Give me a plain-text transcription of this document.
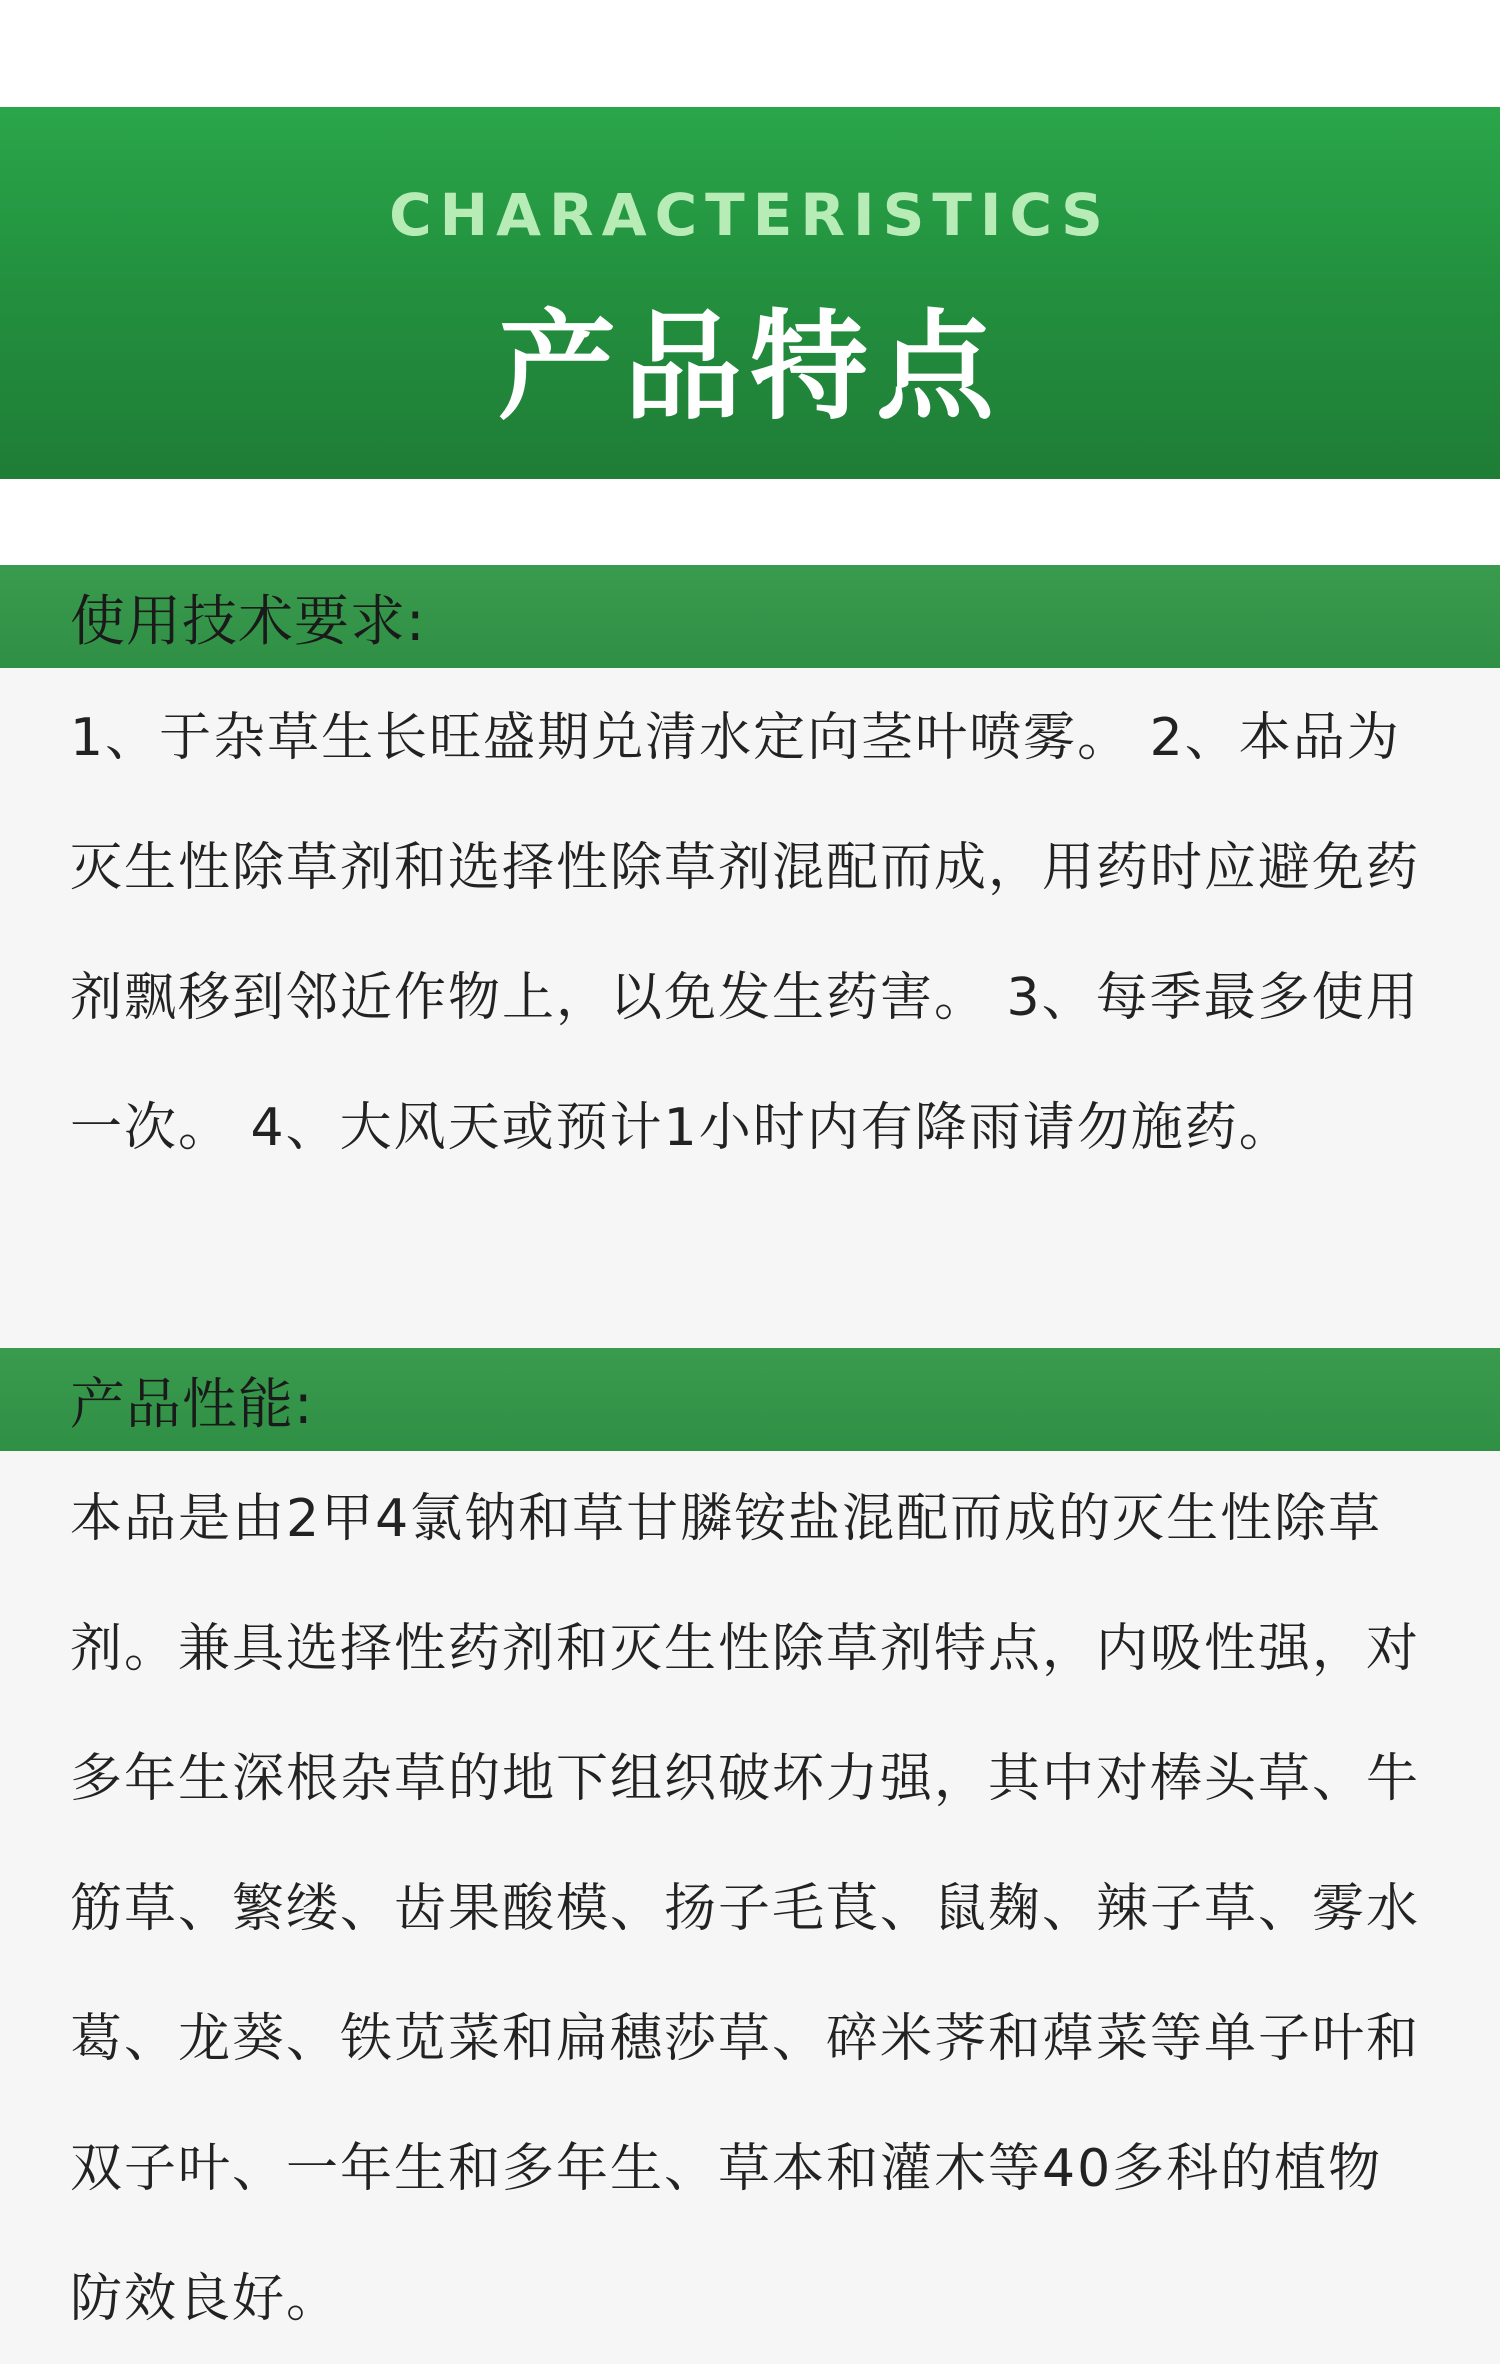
CHARACTERISTICS
产品特点
使用技术要求:

1、于杂草生长旺盛期兑清水定向茎叶喷雾。 2、本品为灭生性除草剂和选择性除草剂混配而成，用药时应避免药剂飘移到邻近作物上，以免发生药害。 3、每季最多使用一次。 4、大风天或预计1小时内有降雨请勿施药。

产品性能:

本品是由2甲4氯钠和草甘膦铵盐混配而成的灭生性除草剂。兼具选择性药剂和灭生性除草剂特点，内吸性强，对多年生深根杂草的地下组织破坏力强，其中对棒头草、牛筋草、繁缕、齿果酸模、扬子毛茛、鼠麹、辣子草、雾水葛、龙葵、铁苋菜和扁穗莎草、碎米荠和蔊菜等单子叶和双子叶、一年生和多年生、草本和灌木等40多科的植物防效良好。
